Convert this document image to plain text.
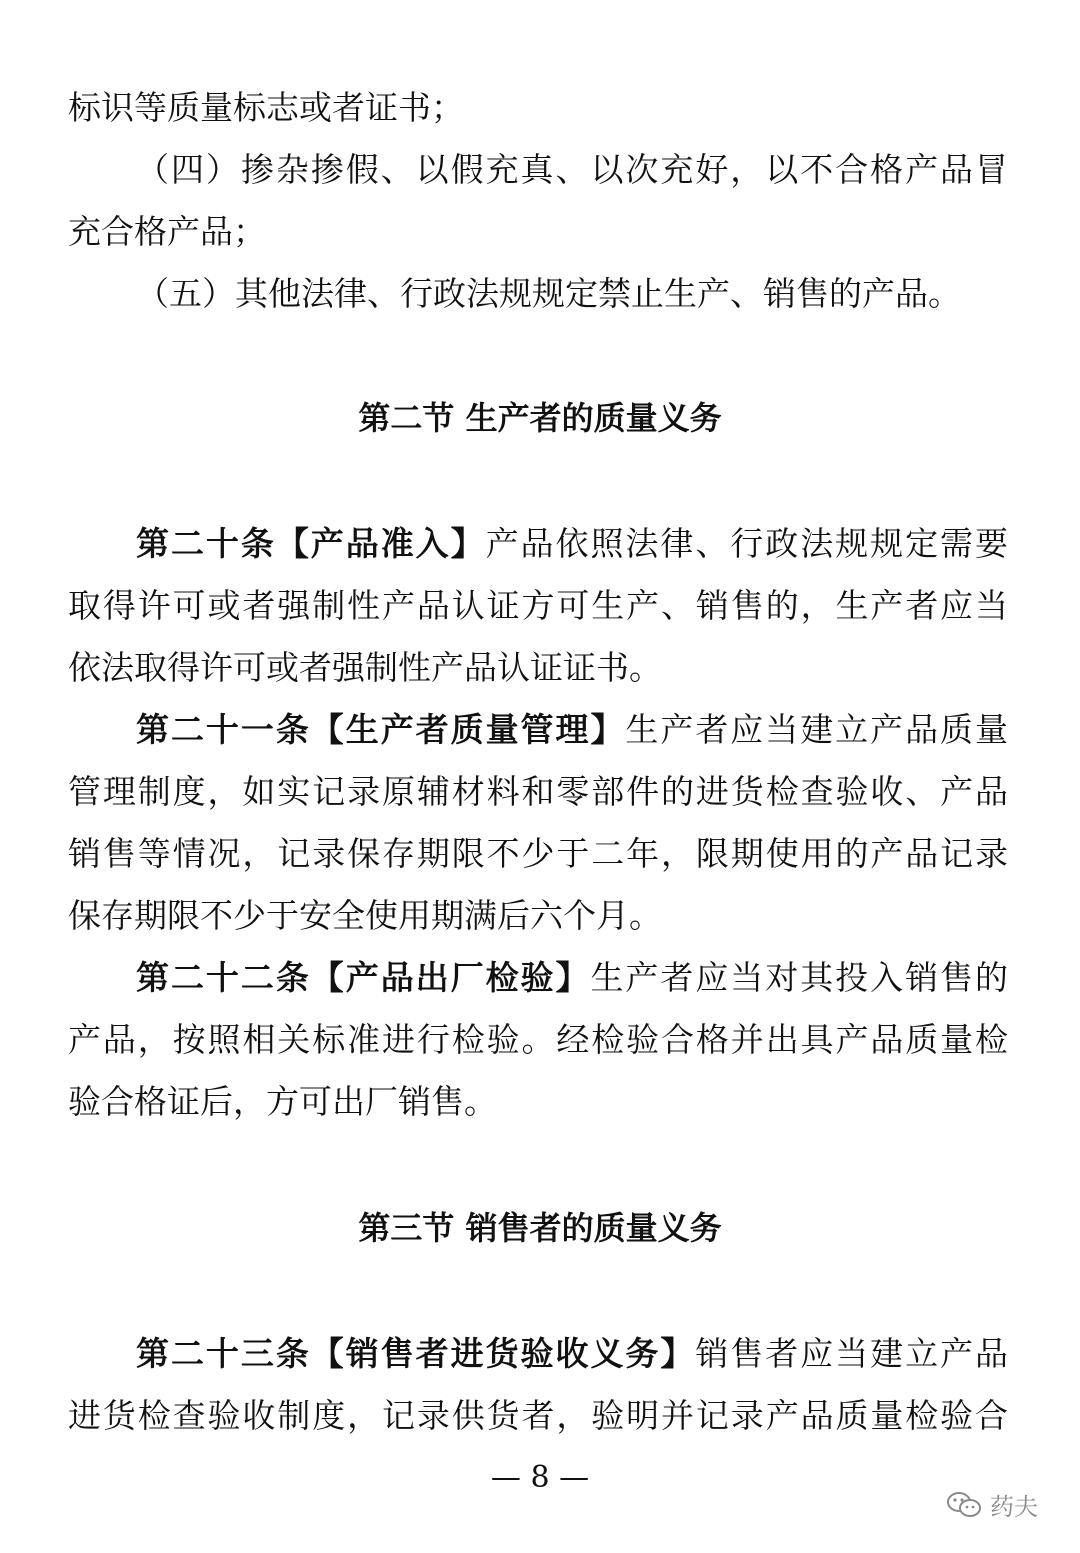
标识等质量标志或者证书；
（四）掺杂掺假、以假充真、以次充好，以不合格产品冒
充合格产品；
（五）其他法律、行政法规规定禁止生产、销售的产品。
第二节 生产者的质量义务
第二十条【产品准入】产品依照法律、行政法规规定需要
取得许可或者强制性产品认证方可生产、销售的，生产者应当
依法取得许可或者强制性产品认证证书。
第二十一条【生产者质量管理】生产者应当建立产品质量
管理制度，如实记录原辅材料和零部件的进货检查验收、产品
销售等情况，记录保存期限不少于二年，限期使用的产品记录
保存期限不少于安全使用期满后六个月。
第二十二条【产品出厂检验】生产者应当对其投入销售的
产品，按照相关标准进行检验。经检验合格并出具产品质量检
验合格证后，方可出厂销售。
第三节 销售者的质量义务
第二十三条【销售者进货验收义务】销售者应当建立产品
进货检查验收制度，记录供货者，验明并记录产品质量检验合
— 8 —
药夫
